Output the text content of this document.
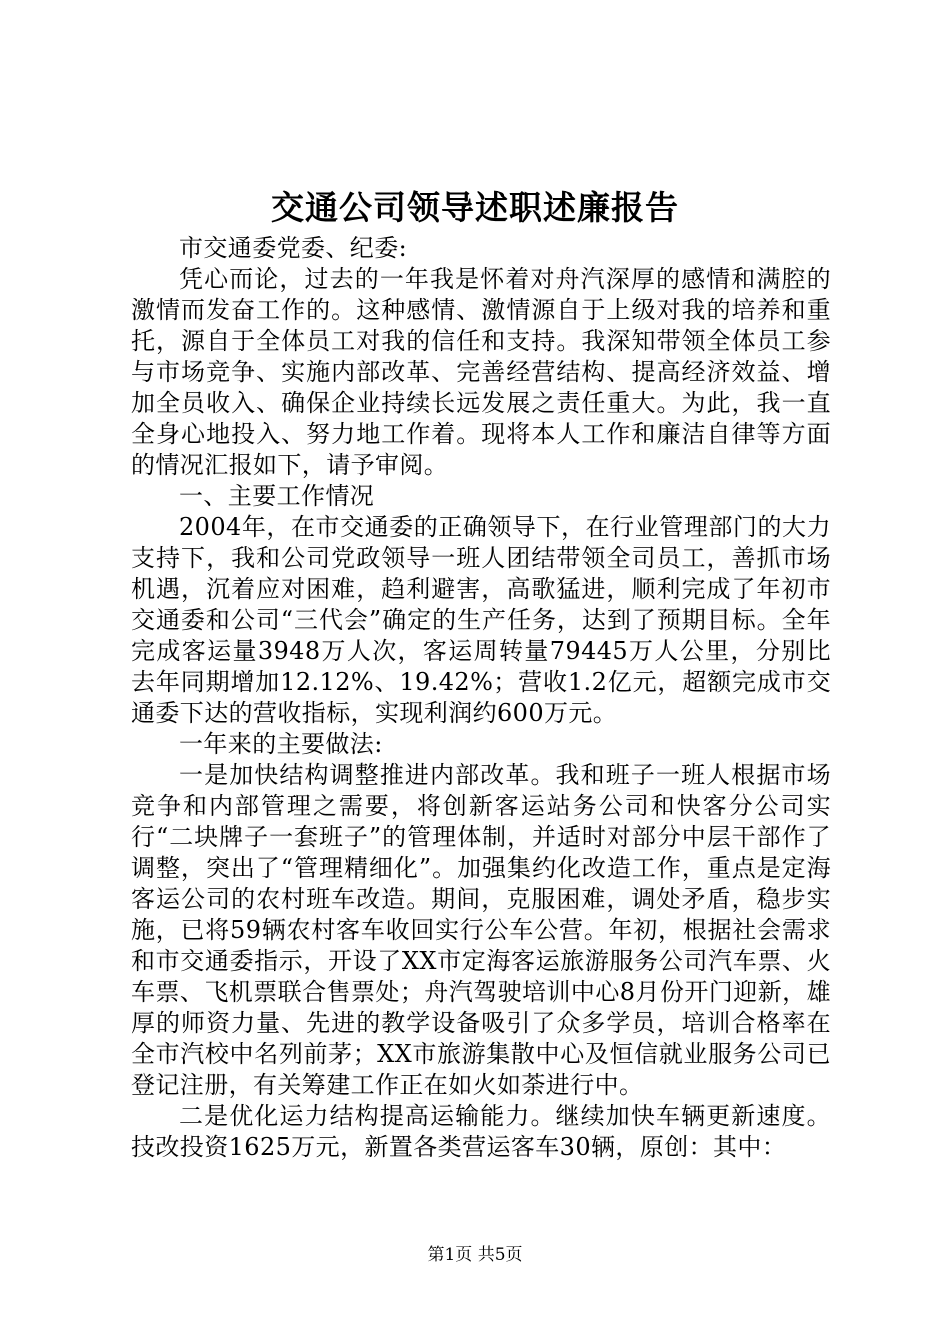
交通公司领导述职述廉报告

市交通委党委、纪委:

凭心而论，过去的一年我是怀着对舟汽深厚的感情和满腔的激情而发奋工作的。这种感情、激情源自于上级对我的培养和重托，源自于全体员工对我的信任和支持。我深知带领全体员工参与市场竞争、实施内部改革、完善经营结构、提高经济效益、增加全员收入、确保企业持续长远发展之责任重大。为此，我一直全身心地投入、努力地工作着。现将本人工作和廉洁自律等方面的情况汇报如下，请予审阅。

一、主要工作情况

2004年，在市交通委的正确领导下，在行业管理部门的大力支持下，我和公司党政领导一班人团结带领全司员工，善抓市场机遇，沉着应对困难，趋利避害，高歌猛进，顺利完成了年初市交通委和公司“三代会”确定的生产任务，达到了预期目标。全年完成客运量3948万人次，客运周转量79445万人公里，分别比去年同期增加12.12%、19.42%；营收1.2亿元，超额完成市交通委下达的营收指标，实现利润约600万元。

一年来的主要做法:

一是加快结构调整推进内部改革。我和班子一班人根据市场竞争和内部管理之需要，将创新客运站务公司和快客分公司实行“二块牌子一套班子”的管理体制，并适时对部分中层干部作了调整，突出了“管理精细化”。加强集约化改造工作，重点是定海客运公司的农村班车改造。期间，克服困难，调处矛盾，稳步实施，已将59辆农村客车收回实行公车公营。年初，根据社会需求和市交通委指示，开设了XX市定海客运旅游服务公司汽车票、火车票、飞机票联合售票处；舟汽驾驶培训中心8月份开门迎新，雄厚的师资力量、先进的教学设备吸引了众多学员，培训合格率在全市汽校中名列前茅；XX市旅游集散中心及恒信就业服务公司已登记注册，有关筹建工作正在如火如荼进行中。

二是优化运力结构提高运输能力。继续加快车辆更新速度。技改投资1625万元，新置各类营运客车30辆，原创：其中：

第1页 共5页
